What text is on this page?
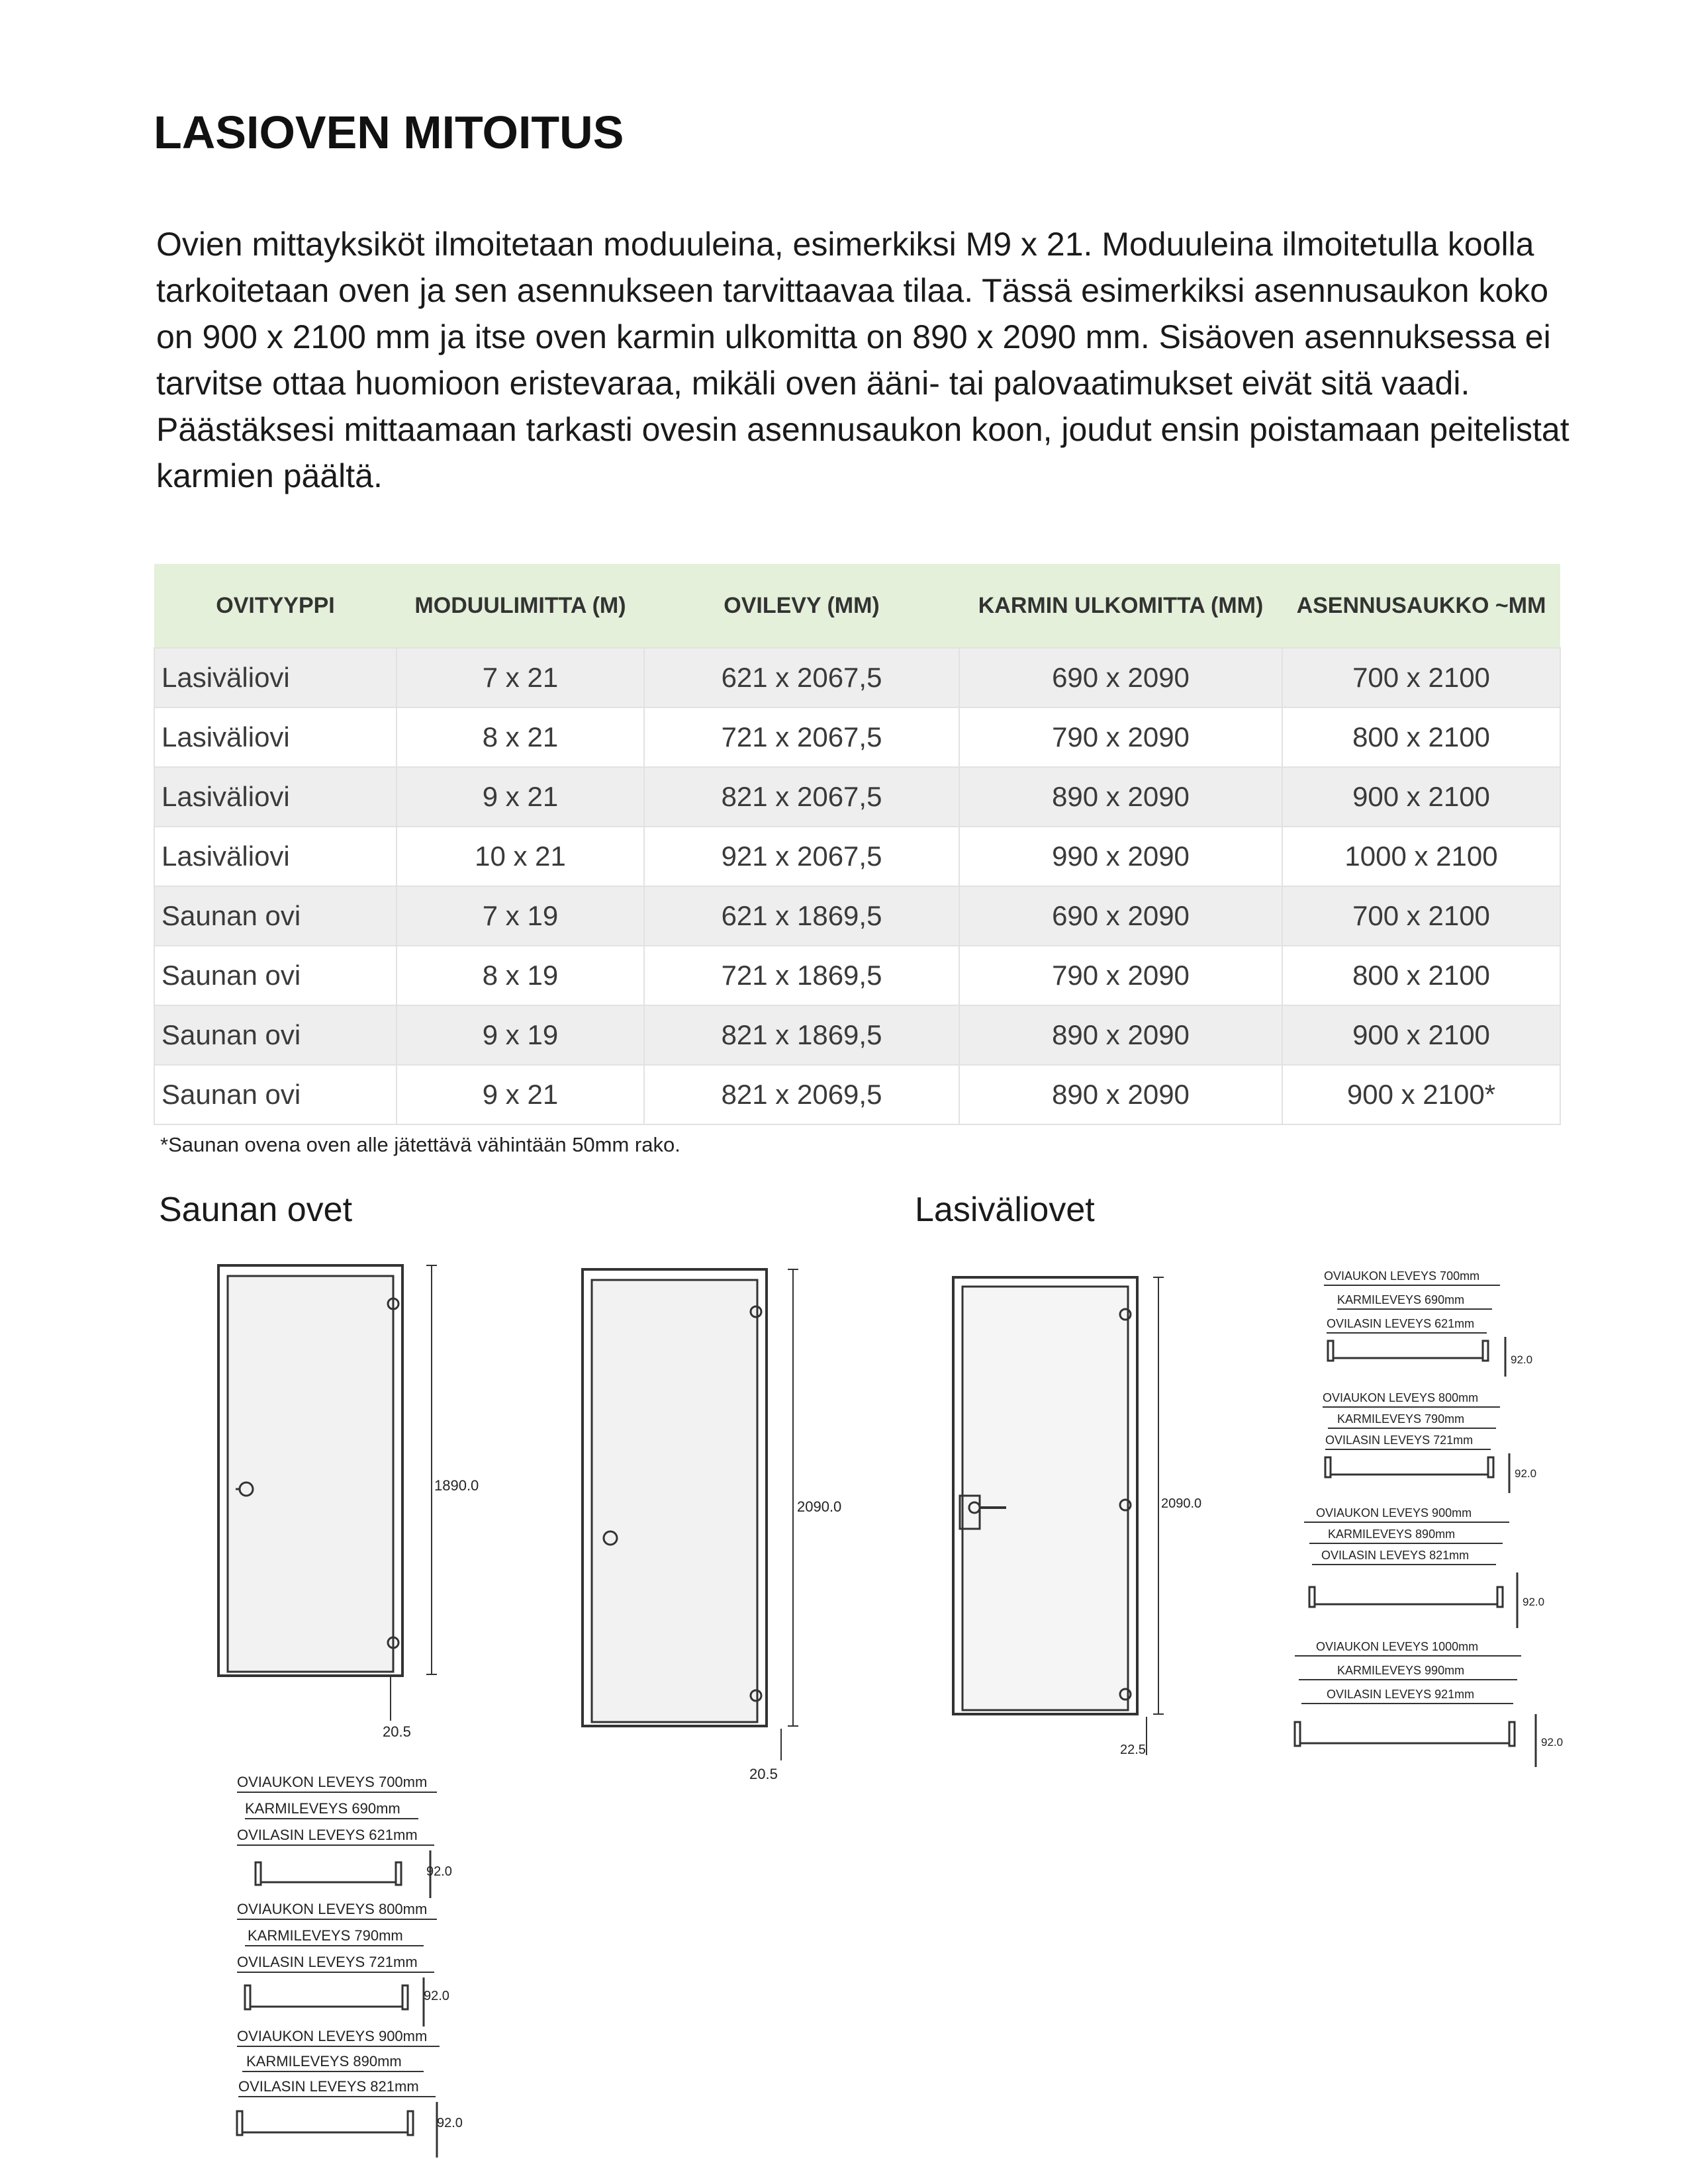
LASIOVEN MITOITUS

Ovien mittayksiköt ilmoitetaan moduuleina, esimerkiksi M9 x 21. Moduuleina ilmoitetulla koolla tarkoitetaan oven ja sen asennukseen tarvittaavaa tilaa. Tässä esimerkiksi asennusaukon koko on 900 x 2100 mm ja itse oven karmin ulkomitta on 890 x 2090 mm. Sisäoven asennuksessa ei tarvitse ottaa huomioon eristevaraa, mikäli oven ääni- tai palovaatimukset eivät sitä vaadi. Päästäksesi mittaamaan tarkasti ovesin asennusaukon koon, joudut ensin poistamaan peitelistat karmien päältä.

OVITYYPPI	MODUULIMITTA (M)	OVILEVY (MM)	KARMIN ULKOMITTA (MM)	ASENNUSAUKKO ~MM
Lasiväliovi	7 x 21	621 x 2067,5	690 x 2090	700 x 2100
Lasiväliovi	8 x 21	721 x 2067,5	790 x 2090	800 x 2100
Lasiväliovi	9 x 21	821 x 2067,5	890 x 2090	900 x 2100
Lasiväliovi	10 x 21	921 x 2067,5	990 x 2090	1000 x 2100
Saunan ovi	7 x 19	621 x 1869,5	690 x 2090	700 x 2100
Saunan ovi	8 x 19	721 x 1869,5	790 x 2090	800 x 2100
Saunan ovi	9 x 19	821 x 1869,5	890 x 2090	900 x 2100
Saunan ovi	9 x 21	821 x 2069,5	890 x 2090	900 x 2100*
*Saunan ovena oven alle jätettävä vähintään 50mm rako.
Saunan ovet	Lasiväliovet
1890.0
20.5
2090.0
20.5
2090.0
22.5
OVIAUKON LEVEYS 700mm
KARMILEVEYS 690mm
OVILASIN LEVEYS 621mm
92.0
OVIAUKON LEVEYS 800mm
KARMILEVEYS 790mm
OVILASIN LEVEYS 721mm
92.0
OVIAUKON LEVEYS 900mm
KARMILEVEYS 890mm
OVILASIN LEVEYS 821mm
92.0
OVIAUKON LEVEYS 1000mm
KARMILEVEYS 990mm
OVILASIN LEVEYS 921mm
92.0
OVIAUKON LEVEYS 700mm
KARMILEVEYS 690mm
OVILASIN LEVEYS 621mm
92.0
OVIAUKON LEVEYS 800mm
KARMILEVEYS 790mm
OVILASIN LEVEYS 721mm
92.0
OVIAUKON LEVEYS 900mm
KARMILEVEYS 890mm
OVILASIN LEVEYS 821mm
92.0
